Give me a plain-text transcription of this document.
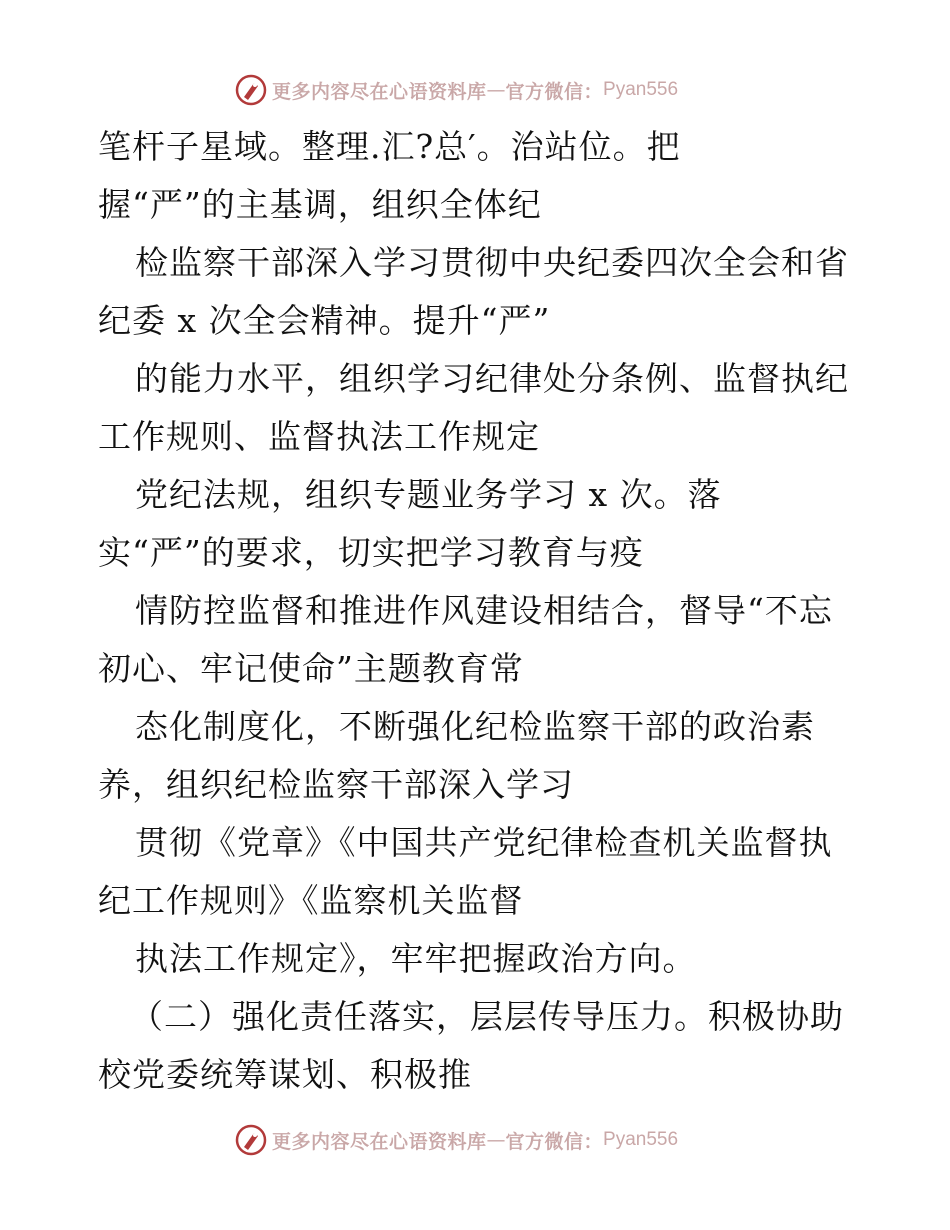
更多内容尽在心语资料库 — 官方微信： Pyan556
笔杆子星域。整理.汇?总′。治站位。把
握“严”的主基调，组织全体纪
检监察干部深入学习贯彻中央纪委四次全会和省
纪委 x 次全会精神。提升“严”
的能力水平，组织学习纪律处分条例、监督执纪
工作规则、监督执法工作规定
党纪法规，组织专题业务学习 x 次。落
实“严”的要求，切实把学习教育与疫
情防控监督和推进作风建设相结合，督导“不忘
初心、牢记使命”主题教育常
态化制度化，不断强化纪检监察干部的政治素
养，组织纪检监察干部深入学习
贯彻《党章》《中国共产党纪律检查机关监督执
纪工作规则》《监察机关监督
执法工作规定》，牢牢把握政治方向。
（二）强化责任落实，层层传导压力。积极协助
校党委统筹谋划、积极推
更多内容尽在心语资料库 — 官方微信： Pyan556
